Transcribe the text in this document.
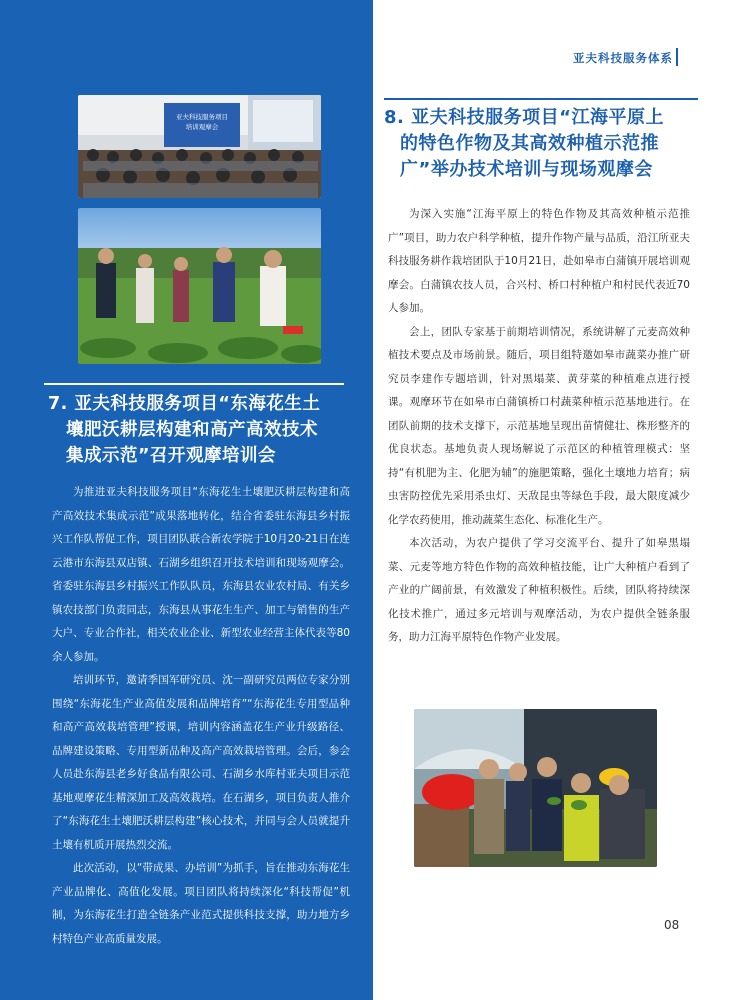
亚夫科技服务项目
培训观摩会
7. 亚夫科技服务项目“东海花生土
壤肥沃耕层构建和高产高效技术
集成示范”召开观摩培训会

为推进亚夫科技服务项目“东海花生土壤肥沃耕层构建和高产高效技术集成示范”成果落地转化，结合省委驻东海县乡村振兴工作队帮促工作，项目团队联合新农学院于10月20-21日在连云港市东海县双店镇、石湖乡组织召开技术培训和现场观摩会。省委驻东海县乡村振兴工作队队员，东海县农业农村局、有关乡镇农技部门负责同志，东海县从事花生生产、加工与销售的生产大户、专业合作社，相关农业企业、新型农业经营主体代表等80余人参加。

培训环节，邀请季国军研究员、沈一副研究员两位专家分别围绕“东海花生产业高值发展和品牌培育”“东海花生专用型品种和高产高效栽培管理”授课，培训内容涵盖花生产业升级路径、品牌建设策略、专用型新品种及高产高效栽培管理。会后，参会人员赴东海县老乡好食品有限公司、石湖乡水库村亚夫项目示范基地观摩花生精深加工及高效栽培。在石湖乡，项目负责人推介了“东海花生土壤肥沃耕层构建”核心技术，并同与会人员就提升土壤有机质开展热烈交流。

此次活动，以“带成果、办培训”为抓手，旨在推动东海花生产业品牌化、高值化发展。项目团队将持续深化“科技帮促”机制，为东海花生打造全链条产业范式提供科技支撑，助力地方乡村特色产业高质量发展。

亚夫科技服务体系
8. 亚夫科技服务项目“江海平原上
的特色作物及其高效种植示范推
广”举办技术培训与现场观摩会

为深入实施“江海平原上的特色作物及其高效种植示范推广”项目，助力农户科学种植，提升作物产量与品质，沿江所亚夫科技服务耕作栽培团队于10月21日，赴如皋市白蒲镇开展培训观摩会。白蒲镇农技人员，合兴村、桥口村种植户和村民代表近70人参加。

会上，团队专家基于前期培训情况，系统讲解了元麦高效种植技术要点及市场前景。随后，项目组特邀如皋市蔬菜办推广研究员李建作专题培训，针对黑塌菜、黄芽菜的种植难点进行授课。观摩环节在如皋市白蒲镇桥口村蔬菜种植示范基地进行。在团队前期的技术支撑下，示范基地呈现出苗情健壮、株形整齐的优良状态。基地负责人现场解说了示范区的种植管理模式：坚持“有机肥为主、化肥为辅”的施肥策略，强化土壤地力培育；病虫害防控优先采用杀虫灯、天敌昆虫等绿色手段，最大限度减少化学农药使用，推动蔬菜生态化、标准化生产。

本次活动，为农户提供了学习交流平台、提升了如皋黑塌菜、元麦等地方特色作物的高效种植技能，让广大种植户看到了产业的广阔前景，有效激发了种植积极性。后续，团队将持续深化技术推广，通过多元培训与观摩活动，为农户提供全链条服务，助力江海平原特色作物产业发展。

08
